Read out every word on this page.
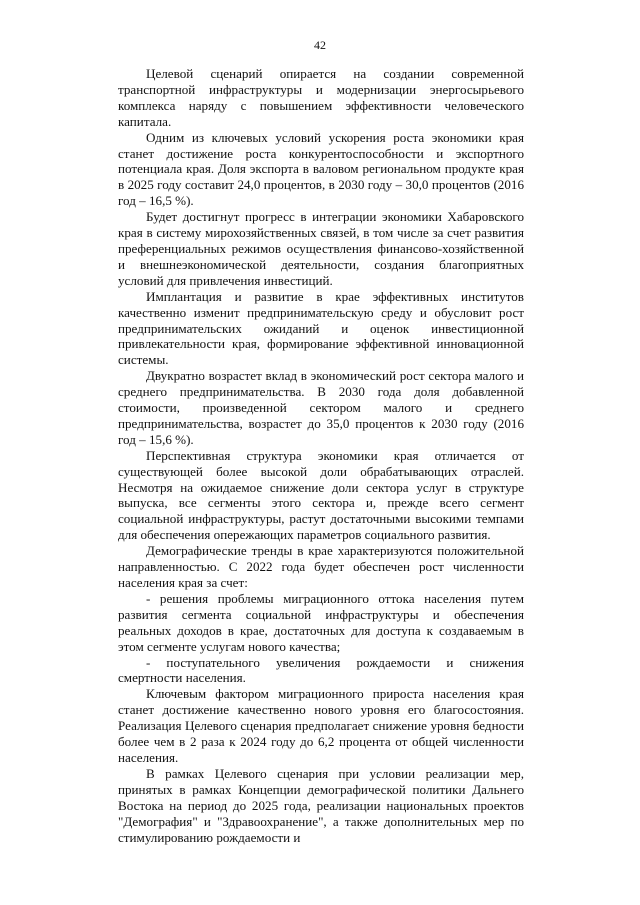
42

Целевой сценарий опирается на создании современной транспортной инфраструктуры и модернизации энергосырьевого комплекса наряду с повышением эффективности человеческого капитала.

Одним из ключевых условий ускорения роста экономики края станет достижение роста конкурентоспособности и экспортного потенциала края. Доля экспорта в валовом региональном продукте края в 2025 году составит 24,0 процентов, в 2030 году – 30,0 процентов (2016 год – 16,5 %).

Будет достигнут прогресс в интеграции экономики Хабаровского края в систему мирохозяйственных связей, в том числе за счет развития преференциальных режимов осуществления финансово-хозяйственной и внешнеэкономической деятельности, создания благоприятных условий для привлечения инвестиций.

Имплантация и развитие в крае эффективных институтов качественно изменит предпринимательскую среду и обусловит рост предпринимательских ожиданий и оценок инвестиционной привлекательности края, формирование эффективной инновационной системы.

Двукратно возрастет вклад в экономический рост сектора малого и среднего предпринимательства. В 2030 года доля добавленной стоимости, произведенной сектором малого и среднего предпринимательства, возрастет до 35,0 процентов к 2030 году (2016 год – 15,6 %).

Перспективная структура экономики края отличается от существующей более высокой доли обрабатывающих отраслей. Несмотря на ожидаемое снижение доли сектора услуг в структуре выпуска, все сегменты этого сектора и, прежде всего сегмент социальной инфраструктуры, растут достаточными высокими темпами для обеспечения опережающих параметров социального развития.

Демографические тренды в крае характеризуются положительной направленностью. С 2022 года будет обеспечен рост численности населения края за счет:

- решения проблемы миграционного оттока населения путем развития сегмента социальной инфраструктуры и обеспечения реальных доходов в крае, достаточных для доступа к создаваемым в этом сегменте услугам нового качества;

- поступательного увеличения рождаемости и снижения смертности населения.

Ключевым фактором миграционного прироста населения края станет достижение качественно нового уровня его благосостояния. Реализация Целевого сценария предполагает снижение уровня бедности более чем в 2 раза к 2024 году до 6,2 процента от общей численности населения.

В рамках Целевого сценария при условии реализации мер, принятых в рамках Концепции демографической политики Дальнего Востока на период до 2025 года, реализации национальных проектов "Демография" и "Здравоохранение", а также дополнительных мер по стимулированию рождаемости и
